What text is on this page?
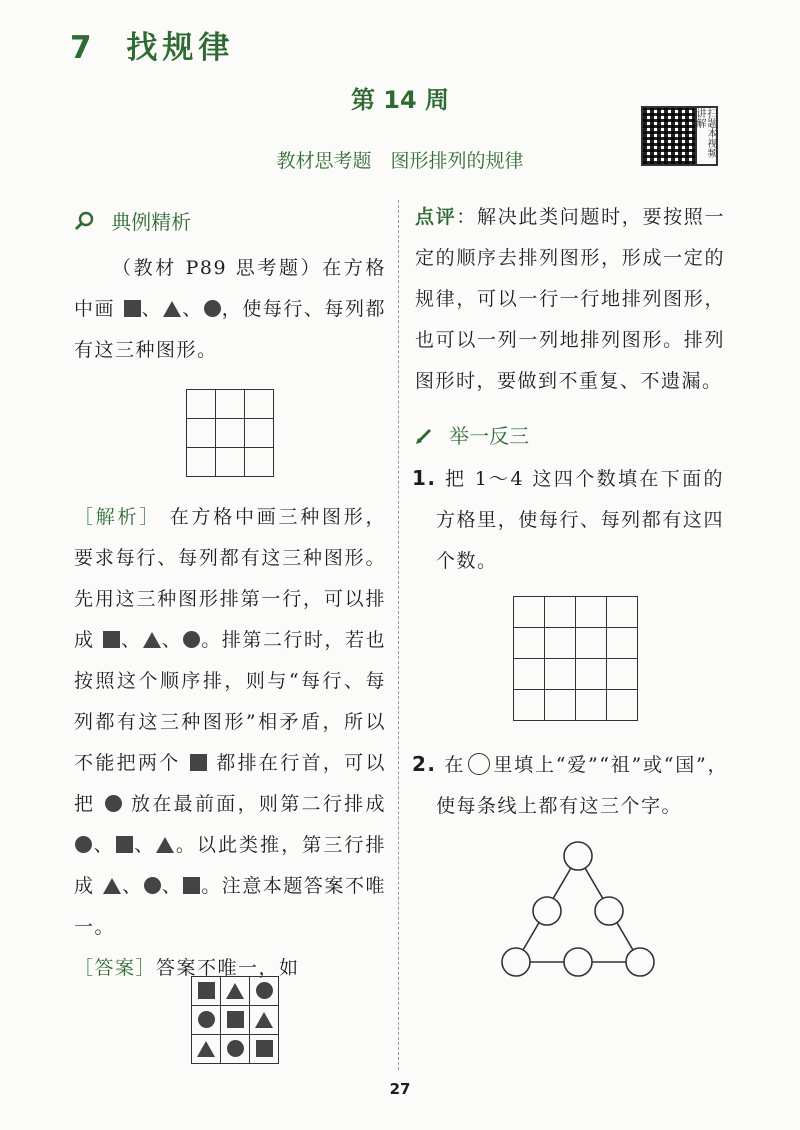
7 找规律
第 14 周
教材思考题　图形排列的规律
扫题本视频讲解
典例精析
（教材 P89 思考题）在方格中画 、 、 ，使每行、每列都有这三种图形。

［解析］ 在方格中画三种图形，要求每行、每列都有这三种图形。先用这三种图形排第一行，可以排成 、 、 。排第二行时，若也按照这个顺序排，则与“每行、每列都有这三种图形”相矛盾，所以不能把两个 都排在行首，可以把 放在最前面，则第二行排成 、 、 。以此类推，第三行排成 、 、 。注意本题答案不唯一。
［答案］答案不唯一，如

点评：解决此类问题时，要按照一定的顺序去排列图形，形成一定的规律，可以一行一行地排列图形，也可以一列一列地排列图形。排列图形时，要做到不重复、不遗漏。
举一反三
1. 把 1～4 这四个数填在下面的方格里，使每行、每列都有这四个数。

2. 在 里填上“爱”“祖”或“国”，使每条线上都有这三个字。
27
